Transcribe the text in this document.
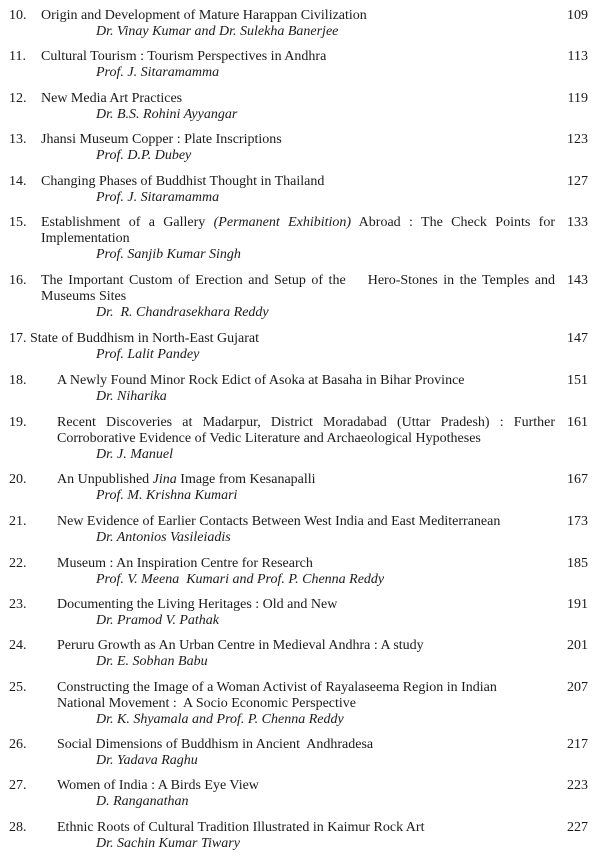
10. Origin and Development of Mature Harappan Civilization
Dr. Vinay Kumar and Dr. Sulekha Banerjee
109
11. Cultural Tourism : Tourism Perspectives in Andhra
Prof. J. Sitaramamma
113
12. New Media Art Practices
Dr. B.S. Rohini Ayyangar
119
13. Jhansi Museum Copper : Plate Inscriptions
Prof. D.P. Dubey
123
14. Changing Phases of Buddhist Thought in Thailand
Prof. J. Sitaramamma
127
15. Establishment of a Gallery (Permanent Exhibition) Abroad : The Check Points for Implementation
Prof. Sanjib Kumar Singh
133
16. The Important Custom of Erection and Setup of the    Hero-Stones in the Temples and Museums Sites
Dr.  R. Chandrasekhara Reddy
143
17. State of Buddhism in North-East Gujarat
Prof. Lalit Pandey
147
18. A Newly Found Minor Rock Edict of Asoka at Basaha in Bihar Province
Dr. Niharika
151
19. Recent Discoveries at Madarpur, District Moradabad (Uttar Pradesh) : Further Corroborative Evidence of Vedic Literature and Archaeological Hypotheses
Dr. J. Manuel
161
20. An Unpublished Jina Image from Kesanapalli
Prof. M. Krishna Kumari
167
21. New Evidence of Earlier Contacts Between West India and East Mediterranean
Dr. Antonios Vasileiadis
173
22. Museum : An Inspiration Centre for Research
Prof. V. Meena  Kumari and Prof. P. Chenna Reddy
185
23. Documenting the Living Heritages : Old and New
Dr. Pramod V. Pathak
191
24. Peruru Growth as An Urban Centre in Medieval Andhra : A study
Dr. E. Sobhan Babu
201
25. Constructing the Image of a Woman Activist of Rayalaseema Region in Indian
National Movement :  A Socio Economic Perspective
Dr. K. Shyamala and Prof. P. Chenna Reddy
207
26. Social Dimensions of Buddhism in Ancient  Andhradesa
Dr. Yadava Raghu
217
27. Women of India : A Birds Eye View
D. Ranganathan
223
28. Ethnic Roots of Cultural Tradition Illustrated in Kaimur Rock Art
Dr. Sachin Kumar Tiwary
227
